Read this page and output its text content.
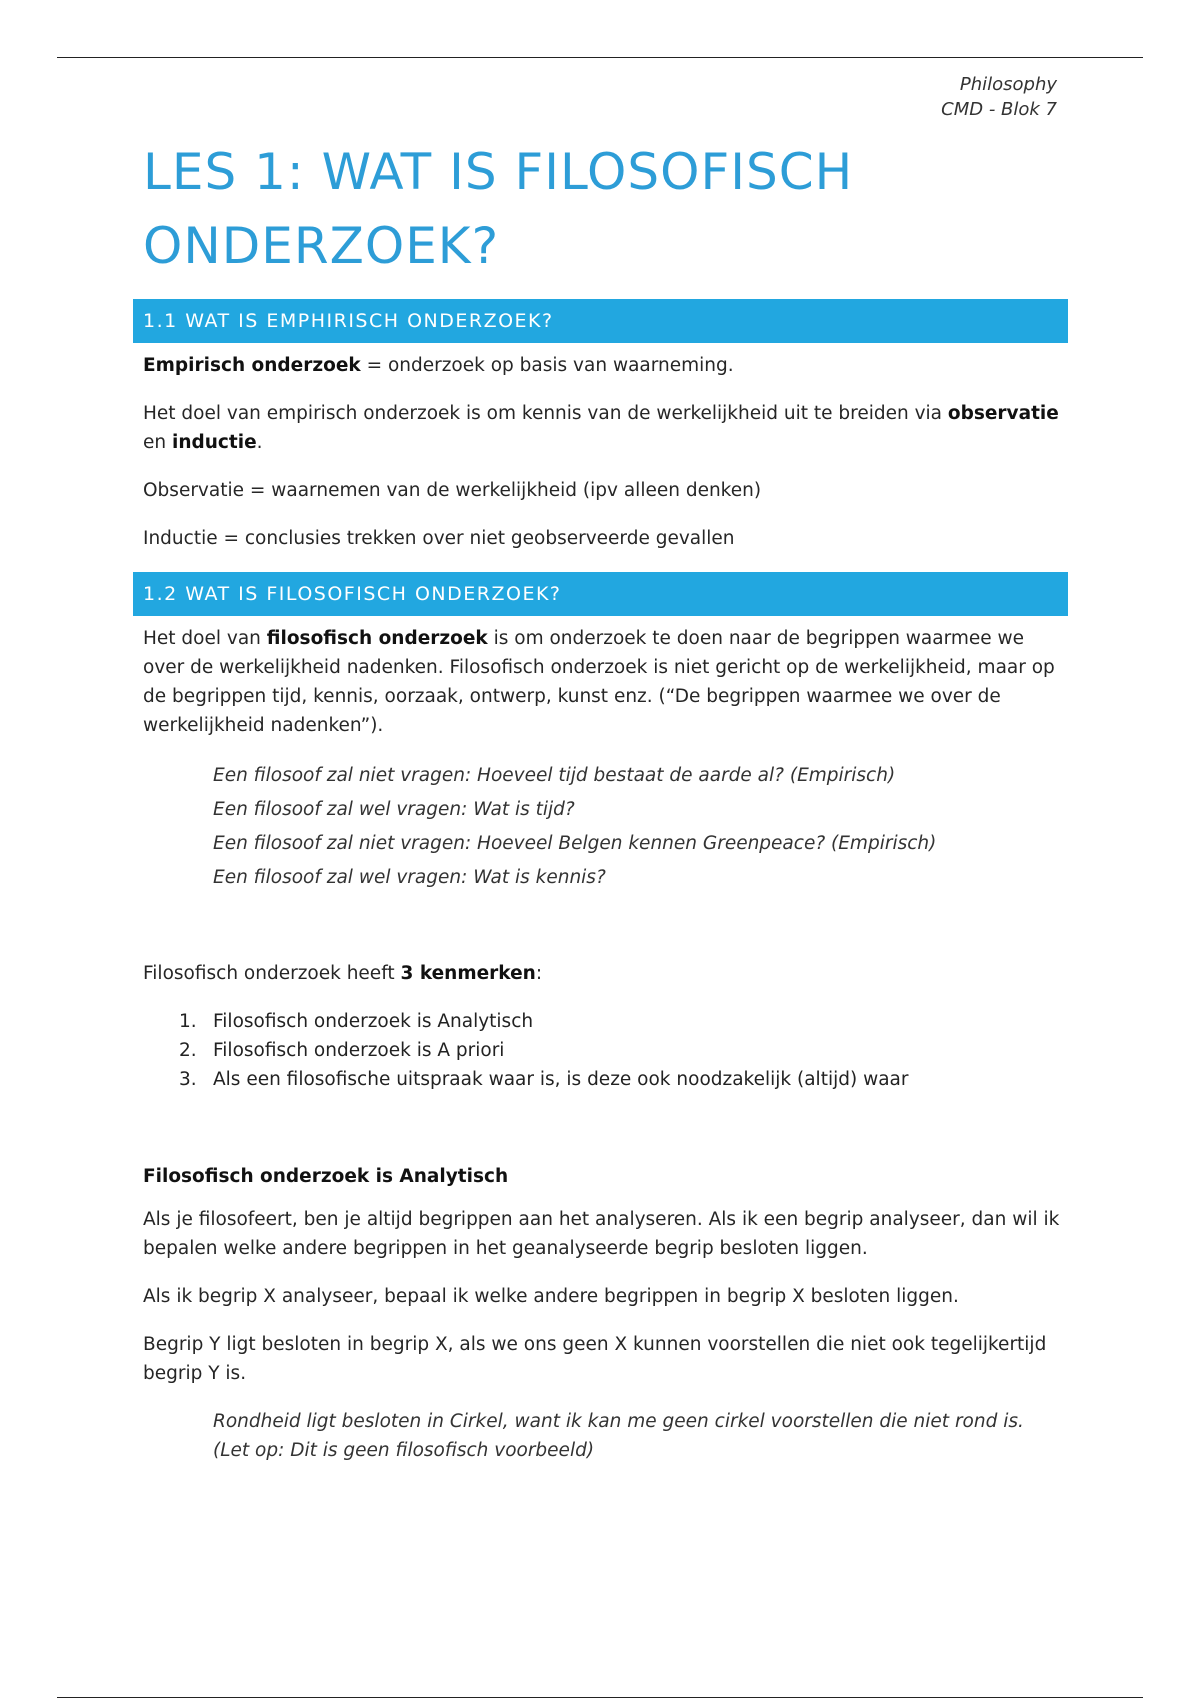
Philosophy
CMD - Blok 7
LES 1: WAT IS FILOSOFISCH ONDERZOEK?
1.1 WAT IS EMPHIRISCH ONDERZOEK?

Empirisch onderzoek = onderzoek op basis van waarneming.

Het doel van empirisch onderzoek is om kennis van de werkelijkheid uit te breiden via observatie en inductie.

Observatie = waarnemen van de werkelijkheid (ipv alleen denken)

Inductie = conclusies trekken over niet geobserveerde gevallen

1.2 WAT IS FILOSOFISCH ONDERZOEK?

Het doel van filosofisch onderzoek is om onderzoek te doen naar de begrippen waarmee we over de werkelijkheid nadenken. Filosofisch onderzoek is niet gericht op de werkelijkheid, maar op de begrippen tijd, kennis, oorzaak, ontwerp, kunst enz. (“De begrippen waarmee we over de werkelijkheid nadenken”).

Een filosoof zal niet vragen: Hoeveel tijd bestaat de aarde al? (Empirisch)
Een filosoof zal wel vragen: Wat is tijd?
Een filosoof zal niet vragen: Hoeveel Belgen kennen Greenpeace? (Empirisch)
Een filosoof zal wel vragen: Wat is kennis?

Filosofisch onderzoek heeft 3 kenmerken:

1. Filosofisch onderzoek is Analytisch
2. Filosofisch onderzoek is A priori
3. Als een filosofische uitspraak waar is, is deze ook noodzakelijk (altijd) waar
Filosofisch onderzoek is Analytisch

Als je filosofeert, ben je altijd begrippen aan het analyseren. Als ik een begrip analyseer, dan wil ik bepalen welke andere begrippen in het geanalyseerde begrip besloten liggen.

Als ik begrip X analyseer, bepaal ik welke andere begrippen in begrip X besloten liggen.

Begrip Y ligt besloten in begrip X, als we ons geen X kunnen voorstellen die niet ook tegelijkertijd begrip Y is.

Rondheid ligt besloten in Cirkel, want ik kan me geen cirkel voorstellen die niet rond is.
(Let op: Dit is geen filosofisch voorbeeld)
